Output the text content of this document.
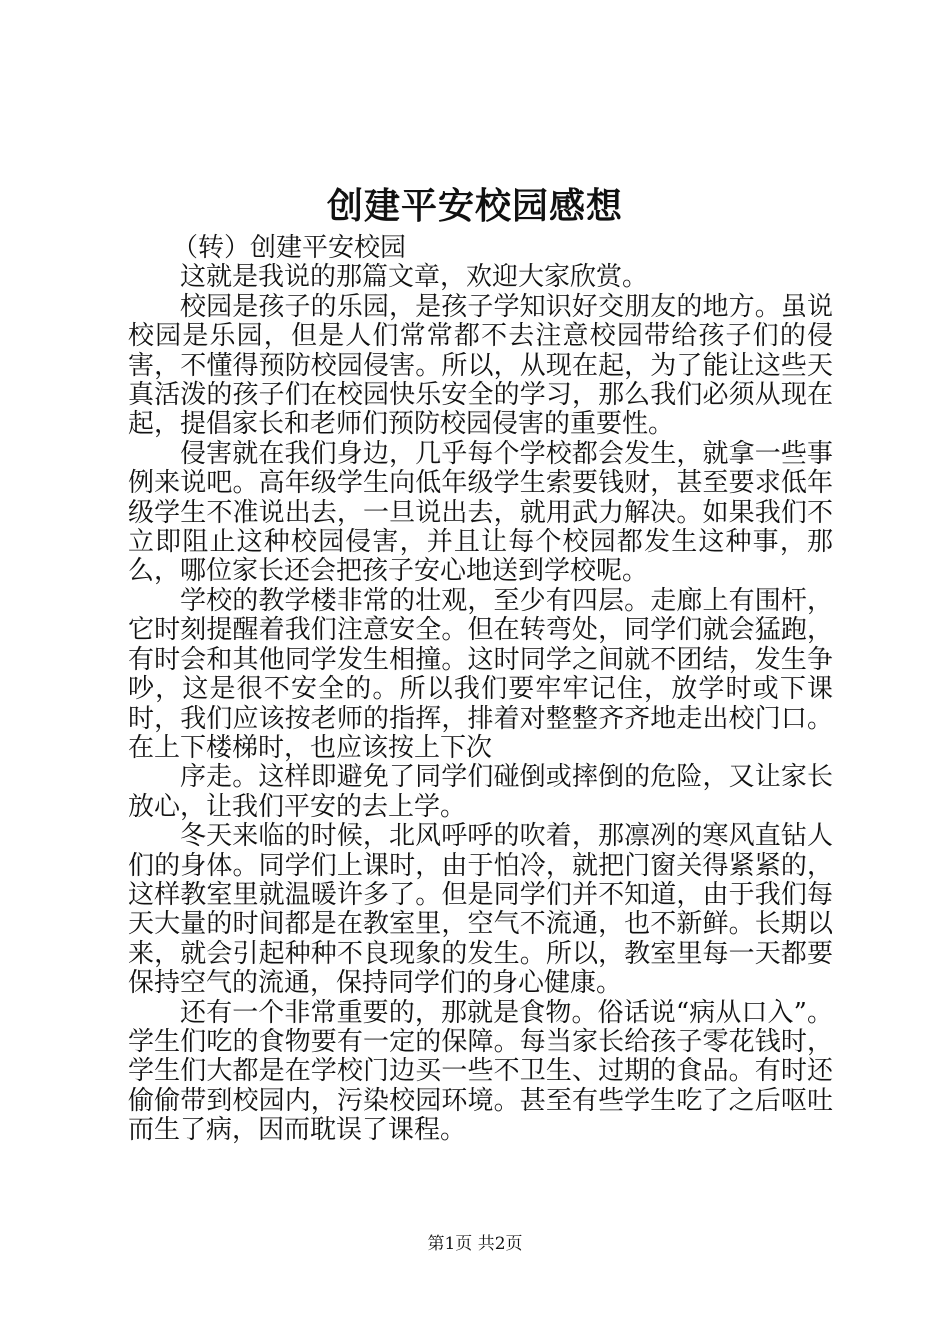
创建平安校园感想

（转）创建平安校园

这就是我说的那篇文章，欢迎大家欣赏。

校园是孩子的乐园，是孩子学知识好交朋友的地方。虽说校园是乐园，但是人们常常都不去注意校园带给孩子们的侵害，不懂得预防校园侵害。所以，从现在起，为了能让这些天真活泼的孩子们在校园快乐安全的学习，那么我们必须从现在起，提倡家长和老师们预防校园侵害的重要性。

侵害就在我们身边，几乎每个学校都会发生，就拿一些事例来说吧。高年级学生向低年级学生索要钱财，甚至要求低年级学生不准说出去，一旦说出去，就用武力解决。如果我们不立即阻止这种校园侵害，并且让每个校园都发生这种事，那么，哪位家长还会把孩子安心地送到学校呢。

学校的教学楼非常的壮观，至少有四层。走廊上有围杆，它时刻提醒着我们注意安全。但在转弯处，同学们就会猛跑，有时会和其他同学发生相撞。这时同学之间就不团结，发生争吵，这是很不安全的。所以我们要牢牢记住，放学时或下课时，我们应该按老师的指挥，排着对整整齐齐地走出校门口。在上下楼梯时，也应该按上下次

序走。这样即避免了同学们碰倒或摔倒的危险，又让家长放心，让我们平安的去上学。

冬天来临的时候，北风呼呼的吹着，那凛冽的寒风直钻人们的身体。同学们上课时，由于怕冷，就把门窗关得紧紧的，这样教室里就温暖许多了。但是同学们并不知道，由于我们每天大量的时间都是在教室里，空气不流通，也不新鲜。长期以来，就会引起种种不良现象的发生。所以，教室里每一天都要保持空气的流通，保持同学们的身心健康。

还有一个非常重要的，那就是食物。俗话说“病从口入”。学生们吃的食物要有一定的保障。每当家长给孩子零花钱时，学生们大都是在学校门边买一些不卫生、过期的食品。有时还偷偷带到校园内，污染校园环境。甚至有些学生吃了之后呕吐而生了病，因而耽误了课程。

第1页 共2页
